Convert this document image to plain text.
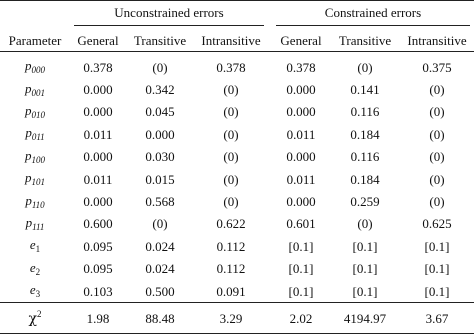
	Unconstrained errors				Constrained errors		

Parameter	General	Transitive	Intransitive		General	Transitive	Intransitive
$p_{000}$	0.378	(0)	0.378		0.378	(0)	0.375
$p_{001}$	0.000	0.342	(0)		0.000	0.141	(0)
$p_{010}$	0.000	0.045	(0)		0.000	0.116	(0)
$p_{011}$	0.011	0.000	(0)		0.011	0.184	(0)
$p_{100}$	0.000	0.030	(0)		0.000	0.116	(0)
$p_{101}$	0.011	0.015	(0)		0.011	0.184	(0)
$p_{110}$	0.000	0.568	(0)		0.000	0.259	(0)
$p_{111}$	0.600	(0)	0.622		0.601	(0)	0.625
$e_1$	0.095	0.024	0.112		[0.1]	[0.1]	[0.1]
$e_2$	0.095	0.024	0.112		[0.1]	[0.1]	[0.1]
$e_3$	0.103	0.500	0.091		[0.1]	[0.1]	[0.1]
$\chi^2$	1.98	88.48	3.29		2.02	4194.97	3.67
